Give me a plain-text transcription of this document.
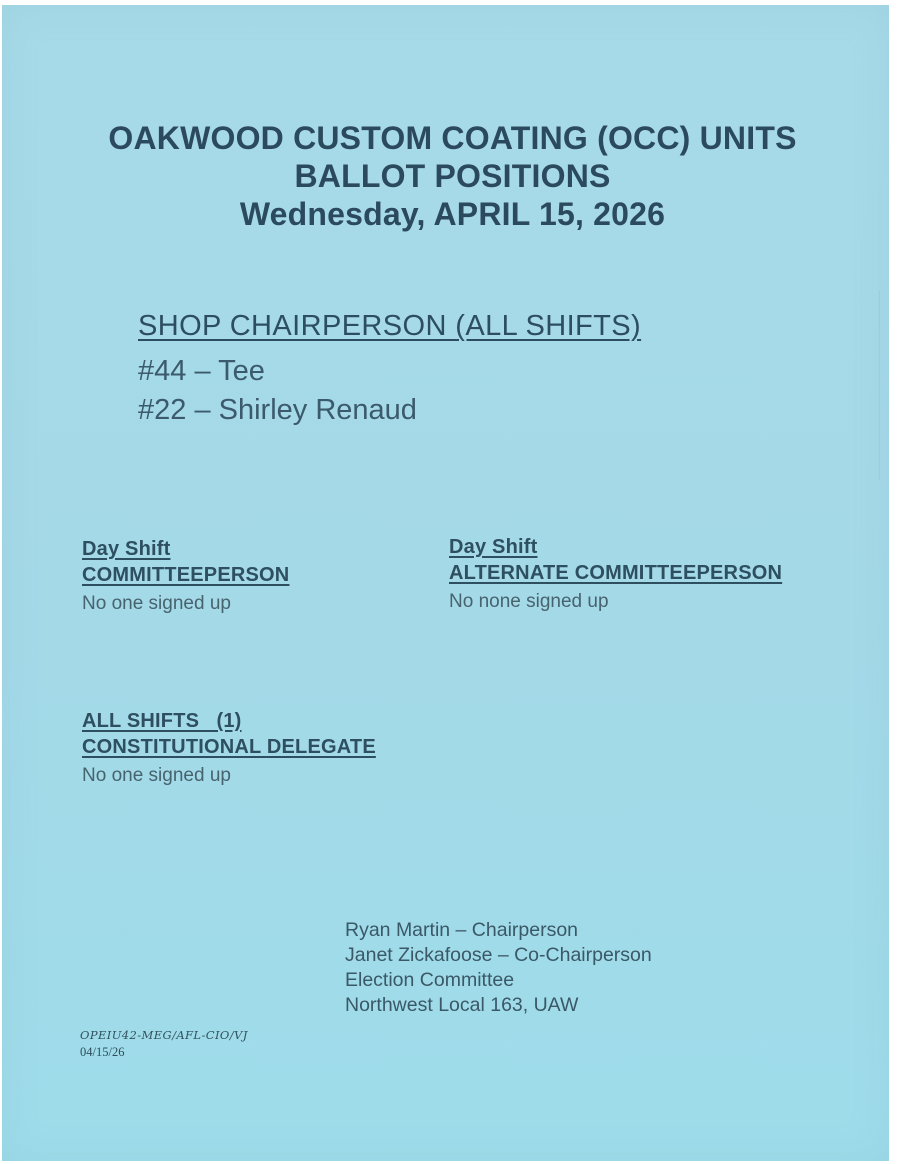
OAKWOOD CUSTOM COATING (OCC) UNITS
BALLOT POSITIONS
Wednesday, APRIL 15, 2026
SHOP CHAIRPERSON (ALL SHIFTS)
#44 – Tee
#22 – Shirley Renaud
Day Shift
COMMITTEEPERSON
No one signed up
Day Shift
ALTERNATE COMMITTEEPERSON
No none signed up
ALL SHIFTS   (1)
CONSTITUTIONAL DELEGATE
No one signed up
Ryan Martin – Chairperson
Janet Zickafoose – Co-Chairperson
Election Committee
Northwest Local 163, UAW
OPEIU42-MEG/AFL-CIO/VJ
04/15/26
